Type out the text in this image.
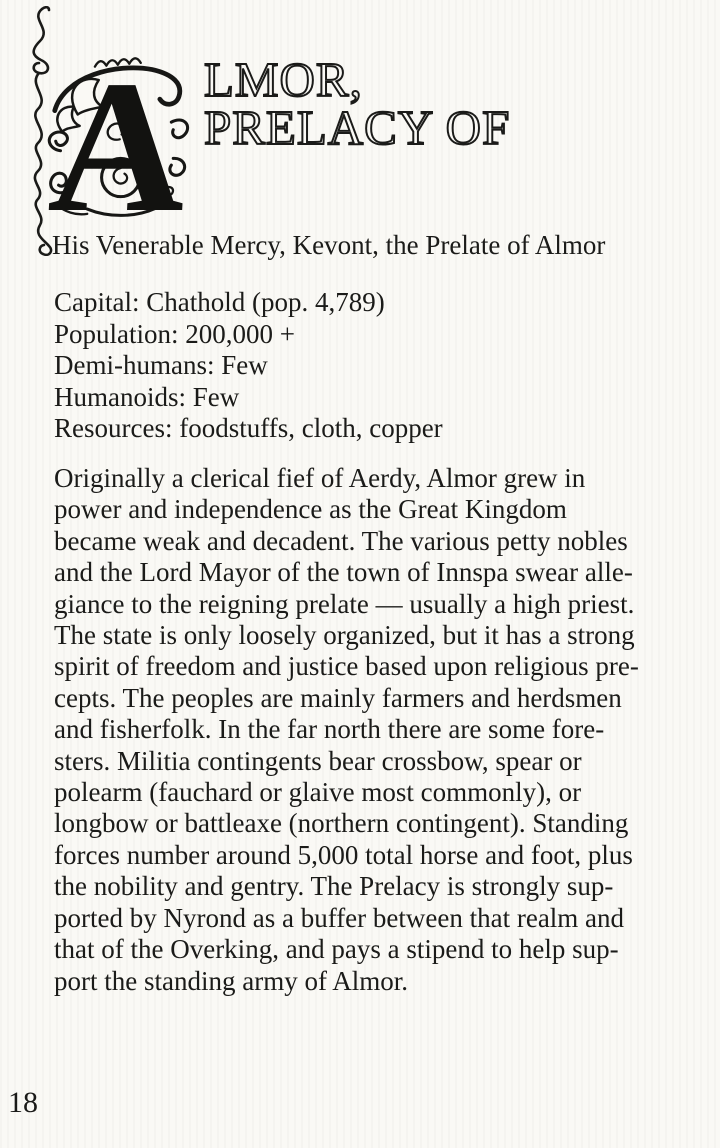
A LMOR,
PRELACY OF
His Venerable Mercy, Kevont, the Prelate of Almor
Capital: Chathold (pop. 4,789)
Population: 200,000 +
Demi-humans: Few
Humanoids: Few
Resources: foodstuffs, cloth, copper
Originally a clerical fief of Aerdy, Almor grew in
power and independence as the Great Kingdom
became weak and decadent. The various petty nobles
and the Lord Mayor of the town of Innspa swear alle-
giance to the reigning prelate — usually a high priest.
The state is only loosely organized, but it has a strong
spirit of freedom and justice based upon religious pre-
cepts. The peoples are mainly farmers and herdsmen
and fisherfolk. In the far north there are some fore-
sters. Militia contingents bear crossbow, spear or
polearm (fauchard or glaive most commonly), or
longbow or battleaxe (northern contingent). Standing
forces number around 5,000 total horse and foot, plus
the nobility and gentry. The Prelacy is strongly sup-
ported by Nyrond as a buffer between that realm and
that of the Overking, and pays a stipend to help sup-
port the standing army of Almor.
18
